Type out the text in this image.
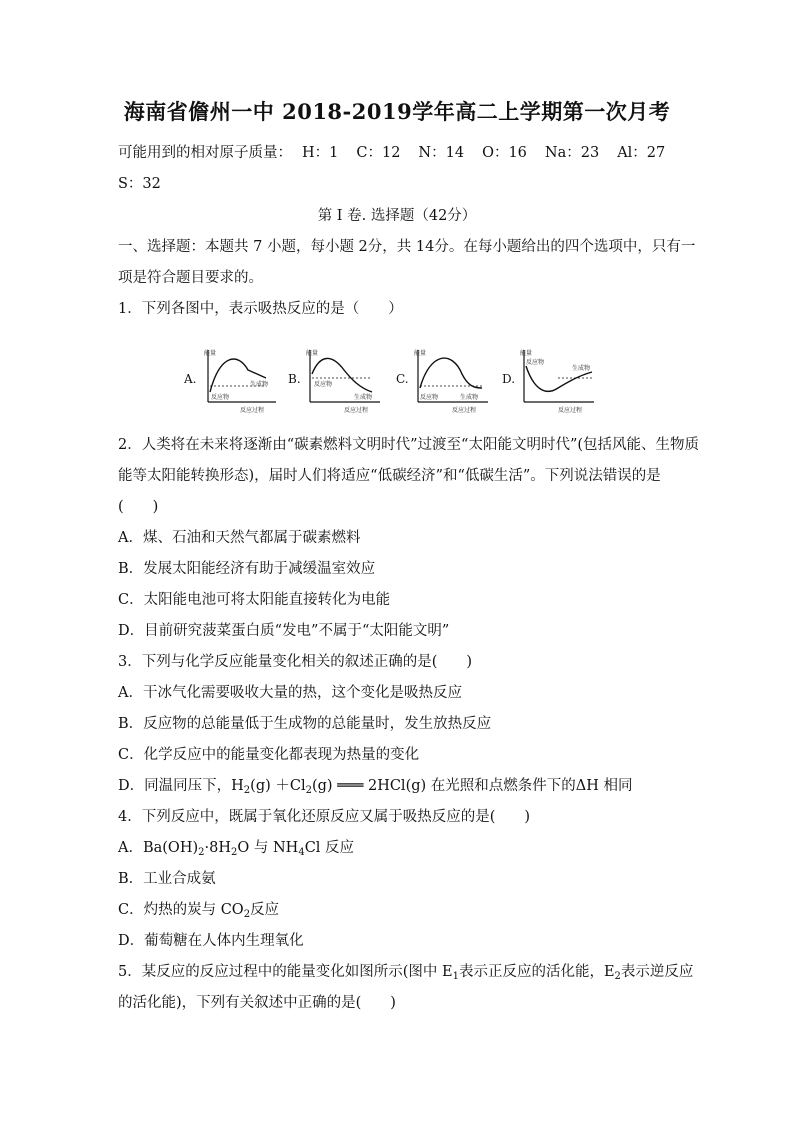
海南省儋州一中 2018-2019学年高二上学期第一次月考
可能用到的相对原子质量： H：1 C：12 N：14 O：16 Na：23 Al：27
S：32
第 I 卷. 选择题（42分）
一、选择题：本题共 7 小题，每小题 2分，共 14分。在每小题给出的四个选项中，只有一
项是符合题目要求的。
1．下列各图中，表示吸热反应的是（　　）
A.
能量
反应物
生成物
反应过程
B.
能量
反应物
生成物
反应过程
C.
能量
反应物	生成物
反应过程
D.
能量
反应物
生成物
反应过程
2．人类将在未来将逐渐由“碳素燃料文明时代”过渡至“太阳能文明时代”(包括风能、生物质
能等太阳能转换形态)，届时人们将适应“低碳经济”和“低碳生活”。下列说法错误的是
(　　)
A．煤、石油和天然气都属于碳素燃料
B．发展太阳能经济有助于减缓温室效应
C．太阳能电池可将太阳能直接转化为电能
D．目前研究菠菜蛋白质“发电”不属于“太阳能文明”
3．下列与化学反应能量变化相关的叙述正确的是(　　)
A．干冰气化需要吸收大量的热，这个变化是吸热反应
B．反应物的总能量低于生成物的总能量时，发生放热反应
C．化学反应中的能量变化都表现为热量的变化
D．同温同压下，$H_2(g) +Cl_2(g)$ ═══ 2HCl(g) 在光照和点燃条件下的ΔH 相同
4．下列反应中，既属于氧化还原反应又属于吸热反应的是(　　)
A．$Ba(OH)_2\cdot 8H_2O$ 与 $NH_4Cl$ 反应
B．工业合成氨
C．灼热的炭与 $CO_2$反应
D．葡萄糖在人体内生理氧化
5．某反应的反应过程中的能量变化如图所示(图中 $E_1$表示正反应的活化能，$E_2$表示逆反应
的活化能)，下列有关叙述中正确的是(　　)
